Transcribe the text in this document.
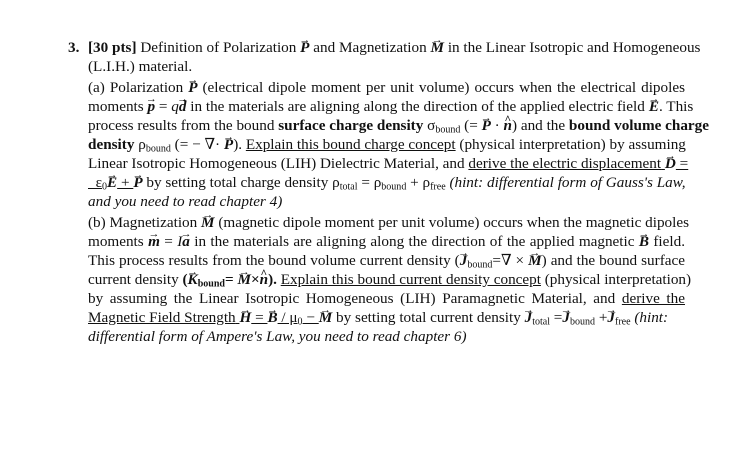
3. [30 pts] Definition of Polarization P → and Magnetization M → in the Linear Isotropic and Homogeneous
(L.I.H.) material.
(a) Polarization P → (electrical dipole moment per unit volume) occurs when the electrical dipoles
moments p → = qd → in the materials are aligning along the direction of the applied electric field E →. This
process results from the bound surface charge density $\sigma_{bound}$ (= P → · n ^) and the bound volume charge
density $\rho_{bound}$ (= − ∇· P →). Explain this bound charge concept (physical interpretation) by assuming
Linear Isotropic Homogeneous (LIH) Dielectric Material, and derive the electric displacement D → =
$\varepsilon_0E$ → + P → by setting total charge density $\rho_{total} = \rho_{bound} + \rho_{free}$ (hint: differential form of Gauss's Law,
and you need to read chapter 4)
(b) Magnetization M → (magnetic dipole moment per unit volume) occurs when the magnetic dipoles
moments m → = Ia → in the materials are aligning along the direction of the applied magnetic B → field.
This process results from the bound volume current density ($J \to_{bound}=\nabla \times M$ →) and the bound surface
current density ($K \to_{bound}= M \to\times n$ ^). Explain this bound current density concept (physical interpretation)
by assuming the Linear Isotropic Homogeneous (LIH) Paramagnetic Material, and derive the
Magnetic Field Strength H → = B → / $\mu_0 - M$ → by setting total current density $J \to_{total} =J \to_{bound} +J \to_{free}$ (hint:
differential form of Ampere's Law, you need to read chapter 6)
